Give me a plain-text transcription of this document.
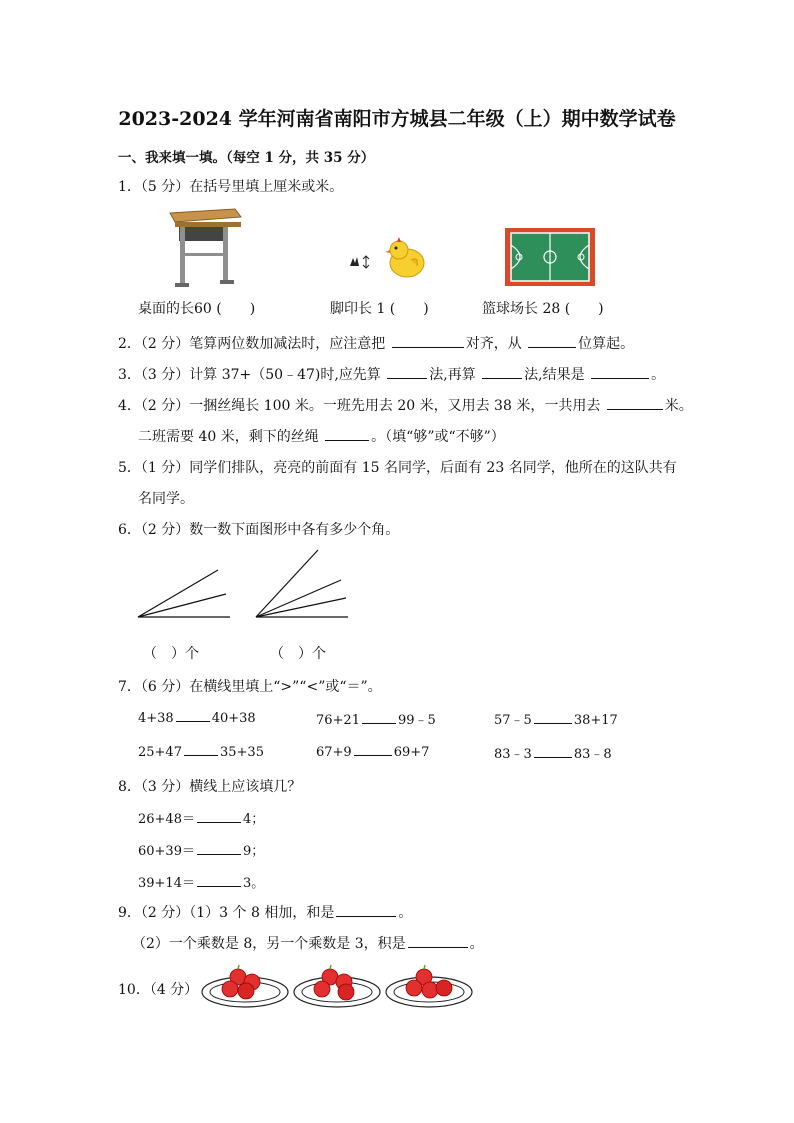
2023-2024 学年河南省南阳市方城县二年级（上）期中数学试卷
一、我来填一填。（每空 1 分，共 35 分）
1．（5 分）在括号里填上厘米或米。
桌面的长60 (　　)	脚印长 1 (　　)	篮球场长 28 (　　)
2．（2 分）笔算两位数加减法时，应注意把	对齐，从	位算起。
3．（3 分）计算 37+（50﹣47)时,应先算	法,再算	法,结果是	。
4．（2 分）一捆丝绳长 100 米。一班先用去 20 米，又用去 38 米，一共用去	米。
二班需要 40 米，剩下的丝绳	。（填“够”或“不够”）
5．（1 分）同学们排队，亮亮的前面有 15 名同学，后面有 23 名同学，他所在的这队共有
名同学。
6．（2 分）数一数下面图形中各有多少个角。
（　）个	（　）个
7．（6 分）在横线里填上“>”“<”或“＝”。
4+38	40+38	76+21	99﹣5	57﹣5	38+17
25+47	35+35	67+9	69+7	83﹣3	83﹣8
8．（3 分）横线上应该填几？
26+48＝	4；
60+39＝	9；
39+14＝	3。
9．（2 分）（1）3 个 8 相加，和是	。
（2）一个乘数是 8，另一个乘数是 3，积是	。
10．（4 分）
